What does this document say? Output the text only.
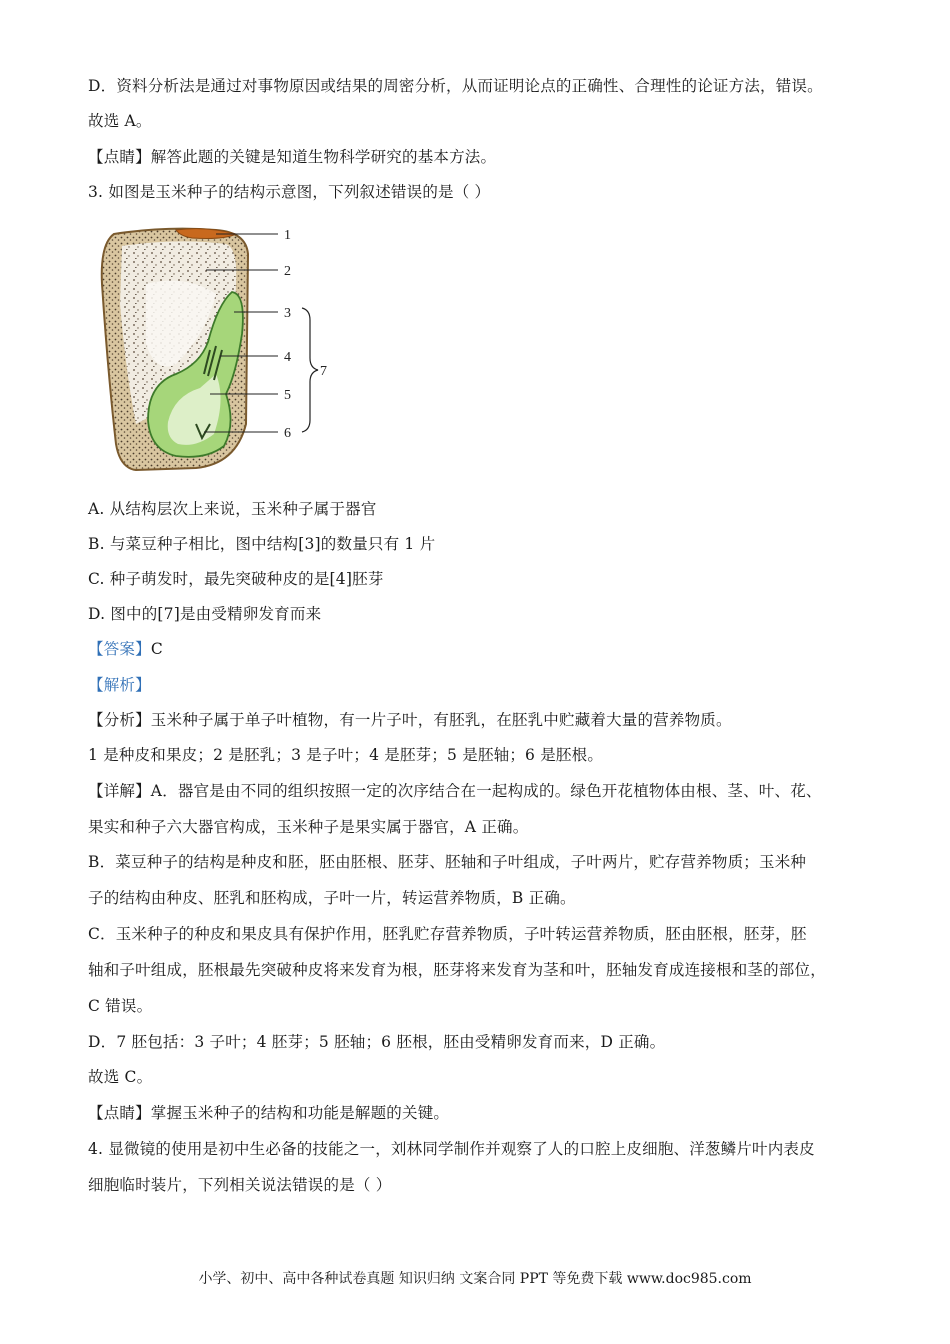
D．资料分析法是通过对事物原因或结果的周密分析，从而证明论点的正确性、合理性的论证方法，错误。
故选 A。
【点睛】解答此题的关键是知道生物科学研究的基本方法。
3. 如图是玉米种子的结构示意图，下列叙述错误的是（ ）
1
2
3
4
5
6
7
A. 从结构层次上来说，玉米种子属于器官
B. 与菜豆种子相比，图中结构[3]的数量只有 1 片
C. 种子萌发时，最先突破种皮的是[4]胚芽
D. 图中的[7]是由受精卵发育而来
【答案】C
【解析】
【分析】玉米种子属于单子叶植物，有一片子叶，有胚乳，在胚乳中贮藏着大量的营养物质。
1 是种皮和果皮；2 是胚乳；3 是子叶；4 是胚芽；5 是胚轴；6 是胚根。
【详解】A．器官是由不同的组织按照一定的次序结合在一起构成的。绿色开花植物体由根、茎、叶、花、
果实和种子六大器官构成，玉米种子是果实属于器官，A 正确。
B．菜豆种子的结构是种皮和胚，胚由胚根、胚芽、胚轴和子叶组成，子叶两片，贮存营养物质；玉米种
子的结构由种皮、胚乳和胚构成，子叶一片，转运营养物质，B 正确。
C．玉米种子的种皮和果皮具有保护作用，胚乳贮存营养物质，子叶转运营养物质，胚由胚根，胚芽，胚
轴和子叶组成，胚根最先突破种皮将来发育为根，胚芽将来发育为茎和叶，胚轴发育成连接根和茎的部位，
C 错误。
D．7 胚包括：3 子叶；4 胚芽；5 胚轴；6 胚根，胚由受精卵发育而来，D 正确。
故选 C。
【点睛】掌握玉米种子的结构和功能是解题的关键。
4. 显微镜的使用是初中生必备的技能之一，刘林同学制作并观察了人的口腔上皮细胞、洋葱鳞片叶内表皮
细胞临时装片，下列相关说法错误的是（ ）
小学、初中、高中各种试卷真题 知识归纳 文案合同 PPT 等免费下载 www.doc985.com
